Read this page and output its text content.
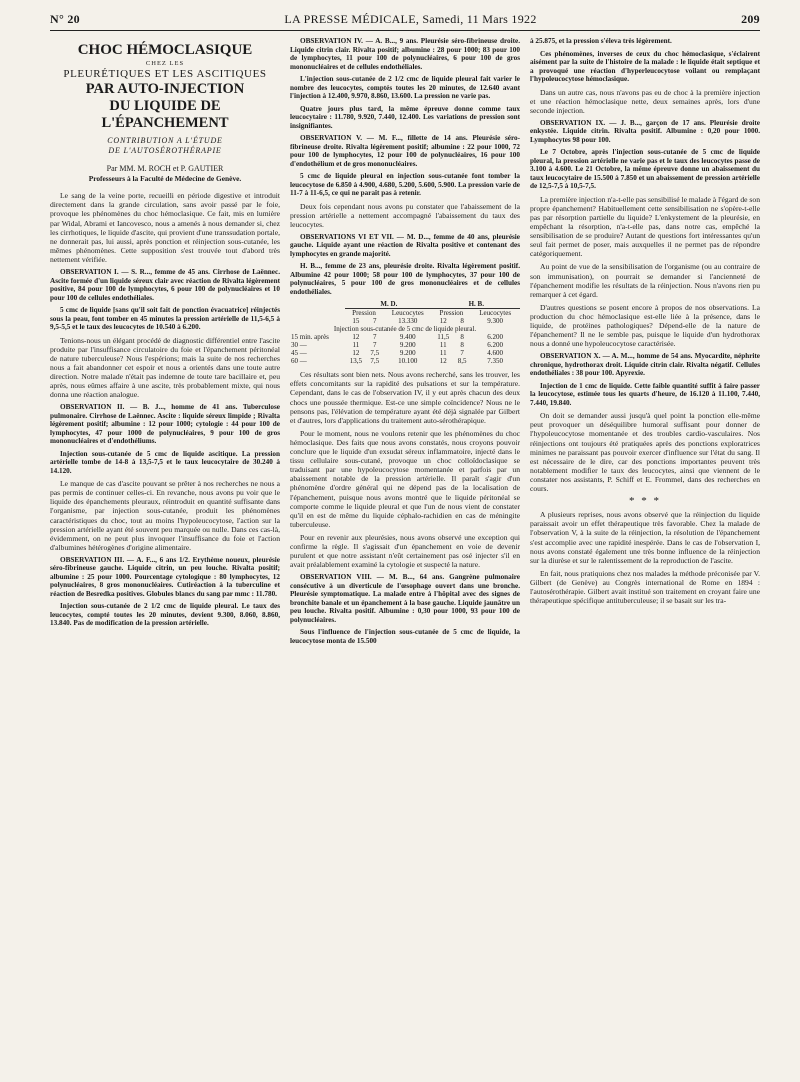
N° 20	LA PRESSE MÉDICALE, Samedi, 11 Mars 1922	209
CHOC HÉMOCLASIQUE
CHEZ LES
PLEURÉTIQUES ET LES ASCITIQUES
PAR AUTO-INJECTION
DU LIQUIDE DE L'ÉPANCHEMENT
CONTRIBUTION A L'ÉTUDE
DE L'AUTOSÉROTHÉRAPIE
Par MM. M. ROCH et P. GAUTIER
Professeurs à la Faculté de Médecine de Genève.

Le sang de la veine porte, recueilli en période digestive et introduit directement dans la grande circulation, sans avoir passé par le foie, provoque les phénomènes du choc hémoclasique. Ce fait, mis en lumière par Widal, Abrami et Iancovesco, nous a amenés à nous demander si, chez les cirrhotiques, le liquide d'ascite, qui provient d'une transsudation portale, ne donnerait pas, lui aussi, après ponction et réinjection sous-cutanée, les mêmes phénomènes. Cette supposition s'est trouvée tout d'abord très nettement vérifiée.

OBSERVATION I. — S. R..., femme de 45 ans. Cirrhose de Laënnec. Ascite formée d'un liquide séreux clair avec réaction de Rivalta légèrement positive, 84 pour 100 de lymphocytes, 6 pour 100 de polynucléaires et 10 pour 100 de cellules endothéliales.

5 cmc de liquide [sans qu'il soit fait de ponction évacuatrice] réinjectés sous la peau, font tomber en 45 minutes la pression artérielle de 11,5-6,5 à 9,5-5,5 et le taux des leucocytes de 10.540 à 6.200.

Tenions-nous un élégant procédé de diagnostic différentiel entre l'ascite produite par l'insuffisance circulatoire du foie et l'épanchement péritonéal de nature tuberculeuse? Nous l'espérions; mais la suite de nos recherches nous a fait abandonner cet espoir et nous a orientés dans une toute autre direction. Notre malade n'était pas indemne de toute tare bacillaire et, peu après, nous eûmes affaire à une ascite, très probablement mixte, qui nous donna une réaction analogue.

OBSERVATION II. — B. J..., homme de 41 ans. Tuberculose pulmonaire. Cirrhose de Laënnec. Ascite : liquide séreux limpide ; Rivalta légèrement positif; albumine : 12 pour 1000; cytologie : 44 pour 100 de lymphocytes, 47 pour 1000 de polynucléaires, 9 pour 100 de gros mononucléaires et d'endothéliums.

Injection sous-cutanée de 5 cmc de liquide ascitique. La pression artérielle tombe de 14-8 à 13,5-7,5 et le taux leucocytaire de 30.240 à 14.120.

Le manque de cas d'ascite pouvant se prêter à nos recherches ne nous a pas permis de continuer celles-ci. En revanche, nous avons pu voir que le liquide des épanchements pleuraux, réintroduit en quantité suffisante dans l'organisme, par injection sous-cutanée, produit les phénomènes caractéristiques du choc, tout au moins l'hypoleucocytose, l'action sur la pression artérielle ayant été souvent peu marquée ou nulle. Dans ces cas-là, évidemment, on ne peut plus invoquer l'insuffisance du foie et l'action d'albumines hétérogènes d'origine alimentaire.

OBSERVATION III. — A. F..., 6 ans 1/2. Erythème noueux, pleurésie séro-fibrineuse gauche. Liquide citrin, un peu louche. Rivalta positif; albumine : 25 pour 1000. Pourcentage cytologique : 80 lymphocytes, 12 polynucléaires, 8 gros mononucléaires. Cutiréaction à la tuberculine et réaction de Besredka positives. Globules blancs du sang par mmc : 11.780.

Injection sous-cutanée de 2 1/2 cmc de liquide pleural. Le taux des leucocytes, compté toutes les 20 minutes, devient 9.300, 8.060, 8.860, 13.840. Pas de modification de la pression artérielle.

OBSERVATION IV. — A. B..., 9 ans. Pleurésie séro-fibrineuse droite. Liquide citrin clair. Rivalta positif; albumine : 28 pour 1000; 83 pour 100 de lymphocytes, 11 pour 100 de polynucléaires, 6 pour 100 de gros mononucléaires et de cellules endothéliales.

L'injection sous-cutanée de 2 1/2 cmc de liquide pleural fait varier le nombre des leucocytes, comptés toutes les 20 minutes, de 12.640 avant l'injection à 12.400, 9.970, 8.860, 13.600. La pression ne varie pas.

Quatre jours plus tard, la même épreuve donne comme taux leucocytaire : 11.780, 9.920, 7.440, 12.400. Les variations de pression sont insignifiantes.

OBSERVATION V. — M. F..., fillette de 14 ans. Pleurésie séro-fibrineuse droite. Rivalta légèrement positif; albumine : 22 pour 1000, 72 pour 100 de lymphocytes, 12 pour 100 de polynucléaires, 16 pour 100 d'endothélium et de gros mononucléaires.

5 cmc de liquide pleural en injection sous-cutanée font tomber la leucocytose de 6.850 à 4.900, 4.680, 5.200, 5.600, 5.900. La pression varie de 11-7 à 11-6,5, ce qui ne paraît pas à retenir.

Deux fois cependant nous avons pu constater que l'abaissement de la pression artérielle a nettement accompagné l'abaissement du taux des leucocytes.

OBSERVATIONS VI ET VII. — M. D..., femme de 40 ans, pleurésie gauche. Liquide ayant une réaction de Rivalta positive et contenant des lymphocytes en grande majorité.

H. B..., femme de 23 ans, pleurésie droite. Rivalta légèrement positif. Albumine 42 pour 1000; 58 pour 100 de lymphocytes, 37 pour 100 de polynucléaires, 5 pour 100 de gros mononucléaires et de cellules endothéliales.

	M. D.			H. B.		
	Pression		Leucocytes	Pression		Leucocytes
	15	7	13.330	12	8	9.300
Injection sous-cutanée de 5 cmc de liquide pleural.						
15 min. après	12	7	9.400	11,5	8	6.200
30 —	11	7	9.200	11	8	6.200
45 —	12	7,5	9.200	11	7	4.600
60 —	13,5	7,5	10.100	12	8,5	7.350

Ces résultats sont bien nets. Nous avons recherché, sans les trouver, les effets concomitants sur la rapidité des pulsations et sur la température. Cependant, dans le cas de l'observation IV, il y eut après chacun des deux chocs une poussée thermique. Est-ce une simple coïncidence? Nous ne le pensons pas, l'élévation de température ayant été déjà signalée par Gilbert et d'autres, lors d'applications du traitement auto-sérothérapique.

Pour le moment, nous ne voulons retenir que les phénomènes du choc hémoclasique. Des faits que nous avons constatés, nous croyons pouvoir conclure que le liquide d'un exsudat séreux inflammatoire, injecté dans le tissu cellulaire sous-cutané, provoque un choc colloïdoclasique se traduisant par une hypoleucocytose momentanée et parfois par un abaissement notable de la pression artérielle. Il paraît s'agir d'un phénomène d'ordre général qui ne dépend pas de la localisation de l'épanchement, puisque nous avons montré que le liquide péritonéal se comporte comme le liquide pleural et que l'un de nous vient de constater qu'il en est de même du liquide céphalo-rachidien en cas de méningite tuberculeuse.

Pour en revenir aux pleurésies, nous avons observé une exception qui confirme la règle. Il s'agissait d'un épanchement en voie de devenir purulent et que notre assistant n'eût certainement pas osé injecter s'il en avait préalablement examiné la cytologie et suspecté la nature.

OBSERVATION VIII. — M. B..., 64 ans. Gangrène pulmonaire consécutive à un diverticule de l'œsophage ouvert dans une bronche. Pleurésie symptomatique. La malade entre à l'hôpital avec des signes de bronchite banale et un épanchement à la base gauche. Liquide jaunâtre un peu louche. Rivalta positif. Albumine : 0,30 pour 1000, 93 pour 100 de polynucléaires.

Sous l'influence de l'injection sous-cutanée de 5 cmc de liquide, la leucocytose monta de 15.500

à 25.875, et la pression s'éleva très légèrement.

Ces phénomènes, inverses de ceux du choc hémoclasique, s'éclairent aisément par la suite de l'histoire de la malade : le liquide était septique et a provoqué une réaction d'hyperleucocytose voilant ou remplaçant l'hypoleucocytose hémoclasique.

Dans un autre cas, nous n'avons pas eu de choc à la première injection et une réaction hémoclasique nette, deux semaines après, lors d'une seconde injection.

OBSERVATION IX. — J. B..., garçon de 17 ans. Pleurésie droite enkystée. Liquide citrin. Rivalta positif. Albumine : 0,20 pour 1000. Lymphocytes 98 pour 100.

Le 7 Octobre, après l'injection sous-cutanée de 5 cmc de liquide pleural, la pression artérielle ne varie pas et le taux des leucocytes passe de 3.100 à 4.600. Le 21 Octobre, la même épreuve donne un abaissement du taux leucocytaire de 15.500 à 7.850 et un abaissement de pression artérielle de 12,5-7,5 à 10,5-7,5.

La première injection n'a-t-elle pas sensibilisé le malade à l'égard de son propre épanchement? Habituellement cette sensibilisation ne s'opère-t-elle pas par résorption partielle du liquide? L'enkystement de la pleurésie, en empêchant la résorption, n'a-t-elle pas, dans notre cas, empêché la sensibilisation de se produire? Autant de questions fort intéressantes qu'un seul fait permet de poser, mais auxquelles il ne permet pas de répondre catégoriquement.

Au point de vue de la sensibilisation de l'organisme (ou au contraire de son immunisation), on pourrait se demander si l'ancienneté de l'épanchement modifie les résultats de la réinjection. Nous n'avons rien pu remarquer à cet égard.

D'autres questions se posent encore à propos de nos observations. La production du choc hémoclasique est-elle liée à la présence, dans le liquide, de protéines pathologiques? Dépend-elle de la nature de l'épanchement? Il ne le semble pas, puisque le liquide d'un hydrothorax nous a donné une hypoleucocytose caractérisée.

OBSERVATION X. — A. M..., homme de 54 ans. Myocardite, néphrite chronique, hydrothorax droit. Liquide citrin clair. Rivalta négatif. Cellules endothéliales : 38 pour 100. Apyrexie.

Injection de 1 cmc de liquide. Cette faible quantité suffit à faire passer la leucocytose, estimée tous les quarts d'heure, de 16.120 à 11.100, 7.440, 7.440, 19.840.

On doit se demander aussi jusqu'à quel point la ponction elle-même peut provoquer un déséquilibre humoral suffisant pour donner de l'hypoleucocytose momentanée et des troubles cardio-vasculaires. Nos réinjections ont toujours été pratiquées après des ponctions exploratrices minimes ne paraissant pas pouvoir exercer d'influence sur l'état du sang. Il est nécessaire de le dire, car des ponctions importantes peuvent très notablement modifier le taux des leucocytes, ainsi que viennent de le constater nos assistants, P. Schiff et E. Frommel, dans des recherches en cours.

* * *

A plusieurs reprises, nous avons observé que la réinjection du liquide paraissait avoir un effet thérapeutique très favorable. Chez la malade de l'observation V, à la suite de la réinjection, la résolution de l'épanchement s'est accomplie avec une rapidité inespérée. Dans le cas de l'observation I, nous avons constaté également une très bonne influence de la réinjection sur la diurèse et sur le ralentissement de la reproduction de l'ascite.

En fait, nous pratiquions chez nos malades la méthode préconisée par V. Gilbert (de Genève) au Congrès international de Rome en 1894 : l'autosérothérapie. Gilbert avait institué son traitement en croyant faire une thérapeutique spécifique antituberculeuse; il se basait sur les tra-
